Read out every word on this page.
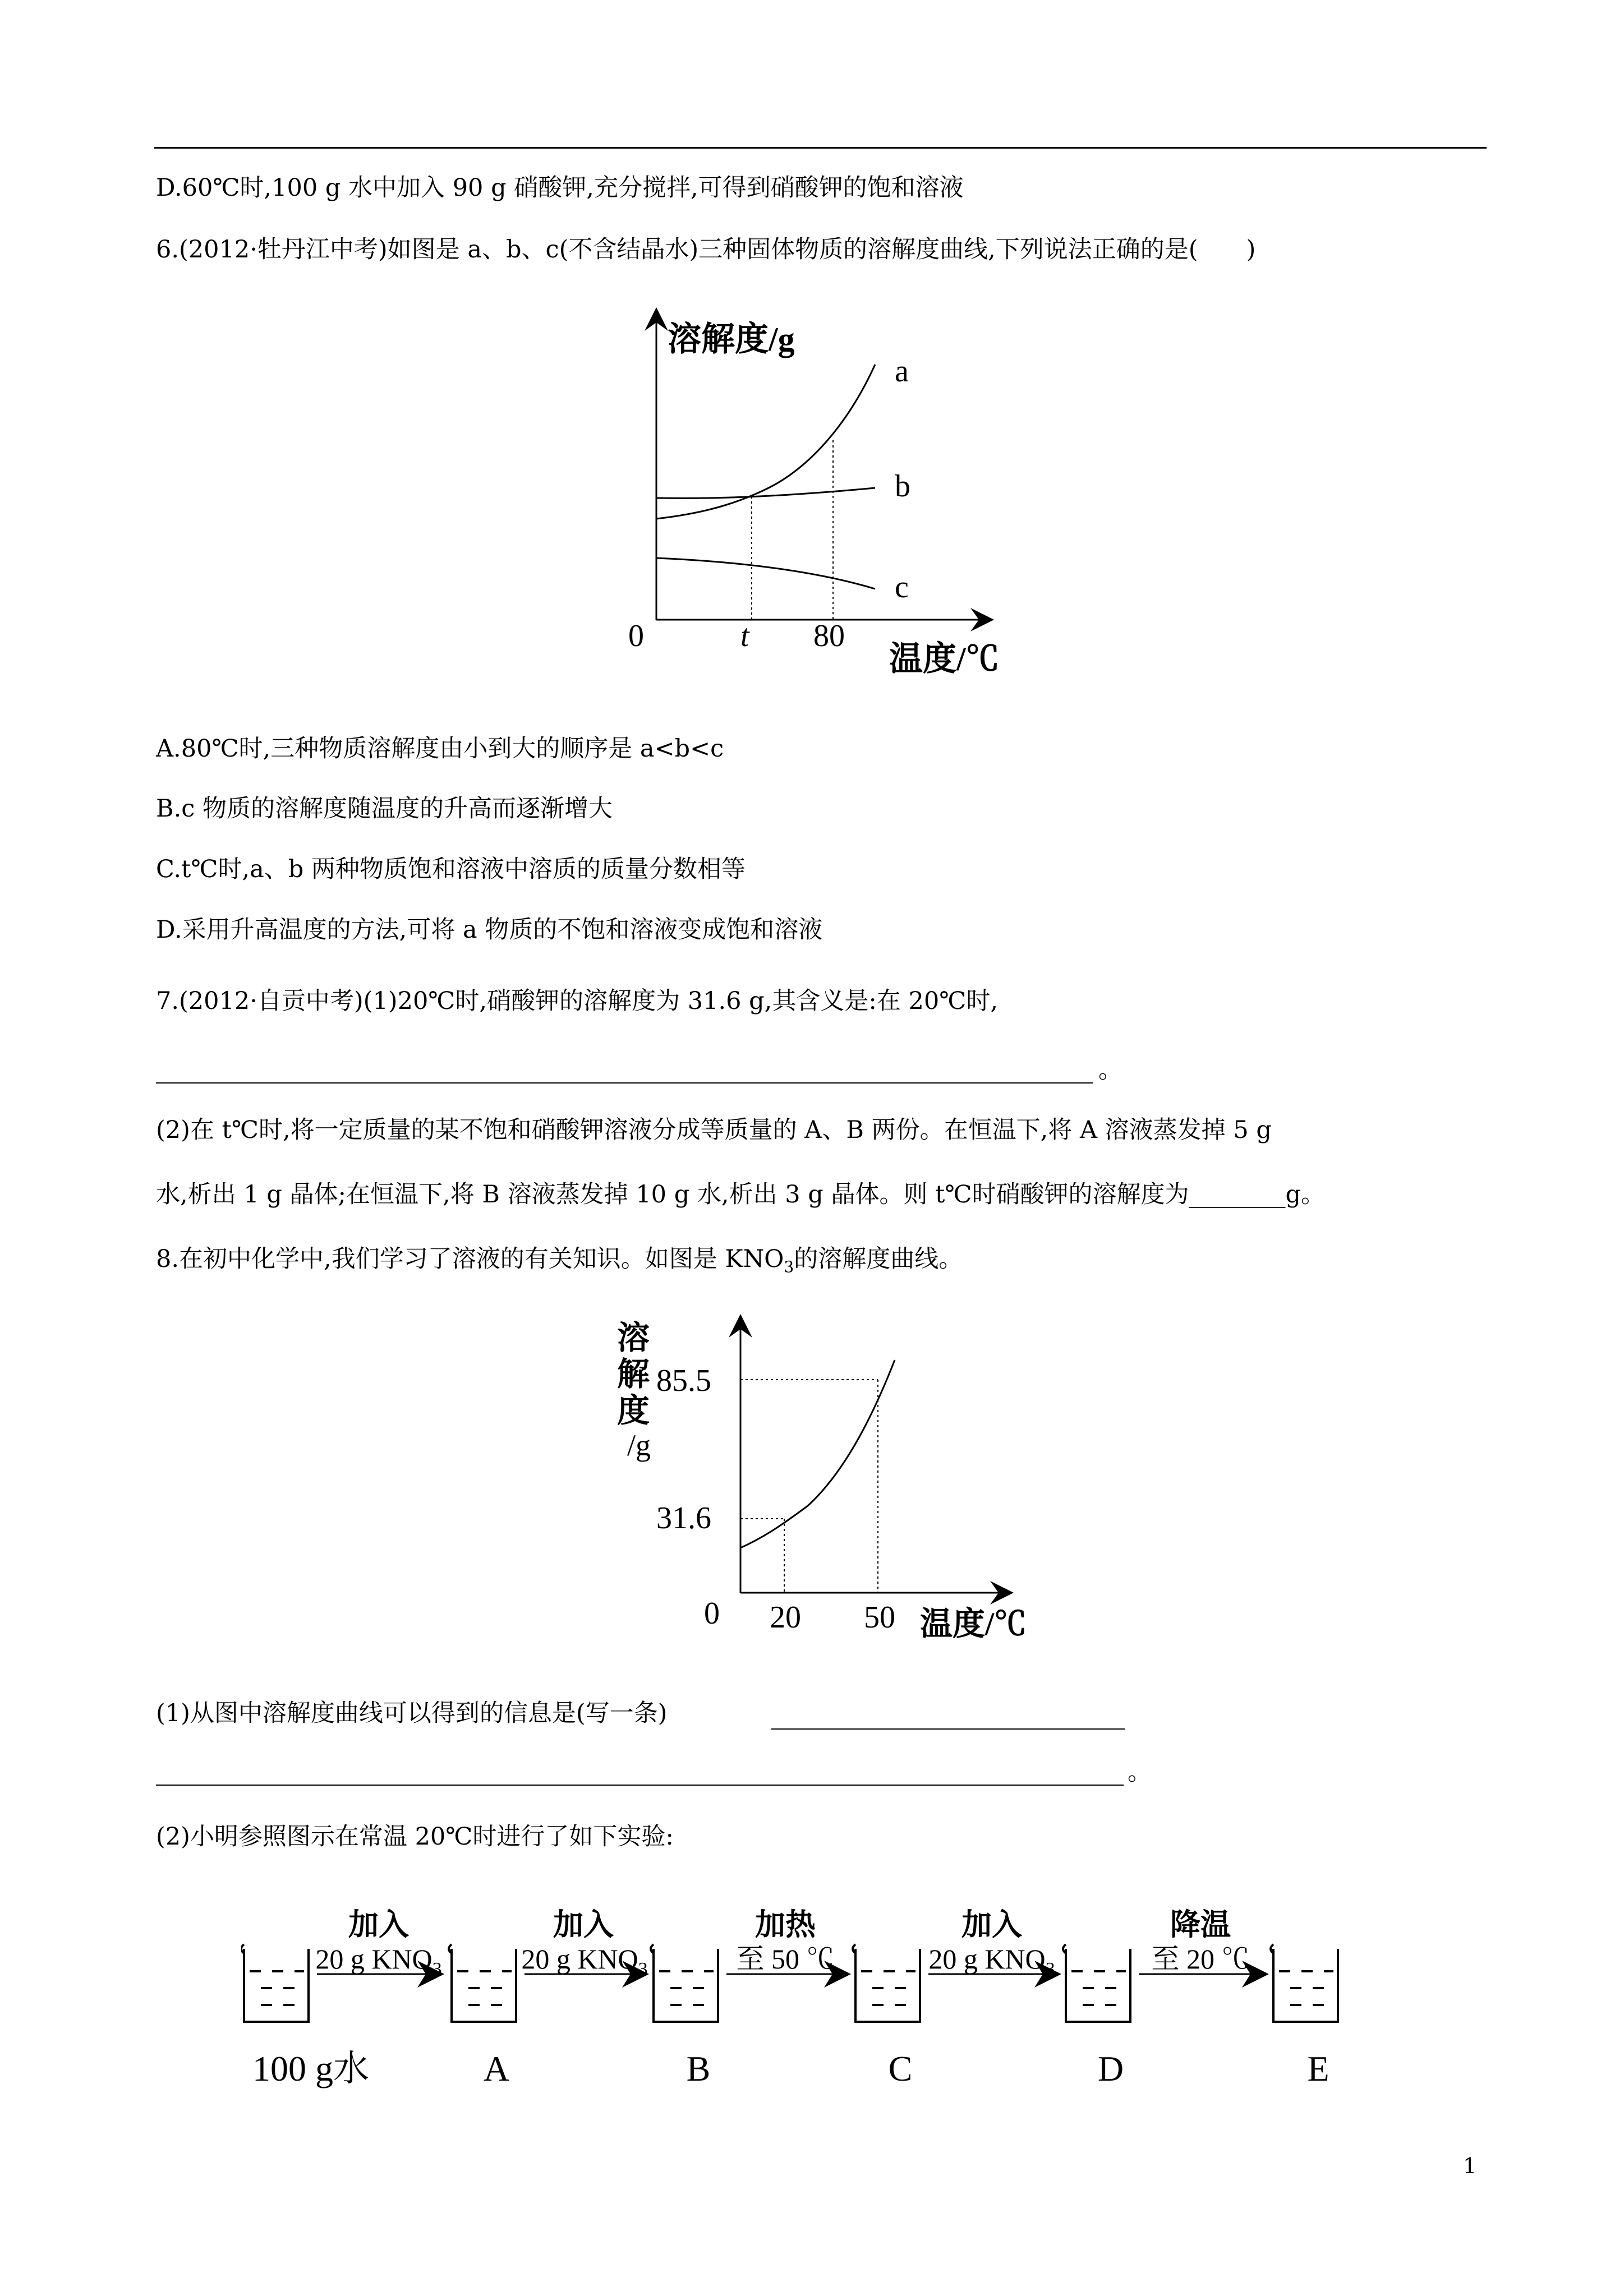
D.60℃时,100 g 水中加入 90 g 硝酸钾,充分搅拌,可得到硝酸钾的饱和溶液
6.(2012·牡丹江中考)如图是 a、b、c(不含结晶水)三种固体物质的溶解度曲线,下列说法正确的是(　　)
溶解度/g
温度/℃
0	t 80
a
b
c
A.80℃时,三种物质溶解度由小到大的顺序是 a<b<c
B.c 物质的溶解度随温度的升高而逐渐增大
C.t℃时,a、b 两种物质饱和溶液中溶质的质量分数相等
D.采用升高温度的方法,可将 a 物质的不饱和溶液变成饱和溶液
7.(2012·自贡中考)(1)20℃时,硝酸钾的溶解度为 31.6 g,其含义是:在 20℃时,
。
(2)在 t℃时,将一定质量的某不饱和硝酸钾溶液分成等质量的 A、B 两份。在恒温下,将 A 溶液蒸发掉 5 g
水,析出 1 g 晶体;在恒温下,将 B 溶液蒸发掉 10 g 水,析出 3 g 晶体。则 t℃时硝酸钾的溶解度为________g。
8.在初中化学中,我们学习了溶液的有关知识。如图是 $KNO_3$的溶解度曲线。
溶
解
度
/g
85.5
31.6
0 20 50 温度/℃
(1)从图中溶解度曲线可以得到的信息是(写一条)
。
(2)小明参照图示在常温 20℃时进行了如下实验:
100 g水	A	B	C	D	E
加入	加入	加热	加入	降温
20 g $KNO_3$	20 g $KNO_3$	至 50 ℃	20 g $KNO_3$	至 20 ℃
1
